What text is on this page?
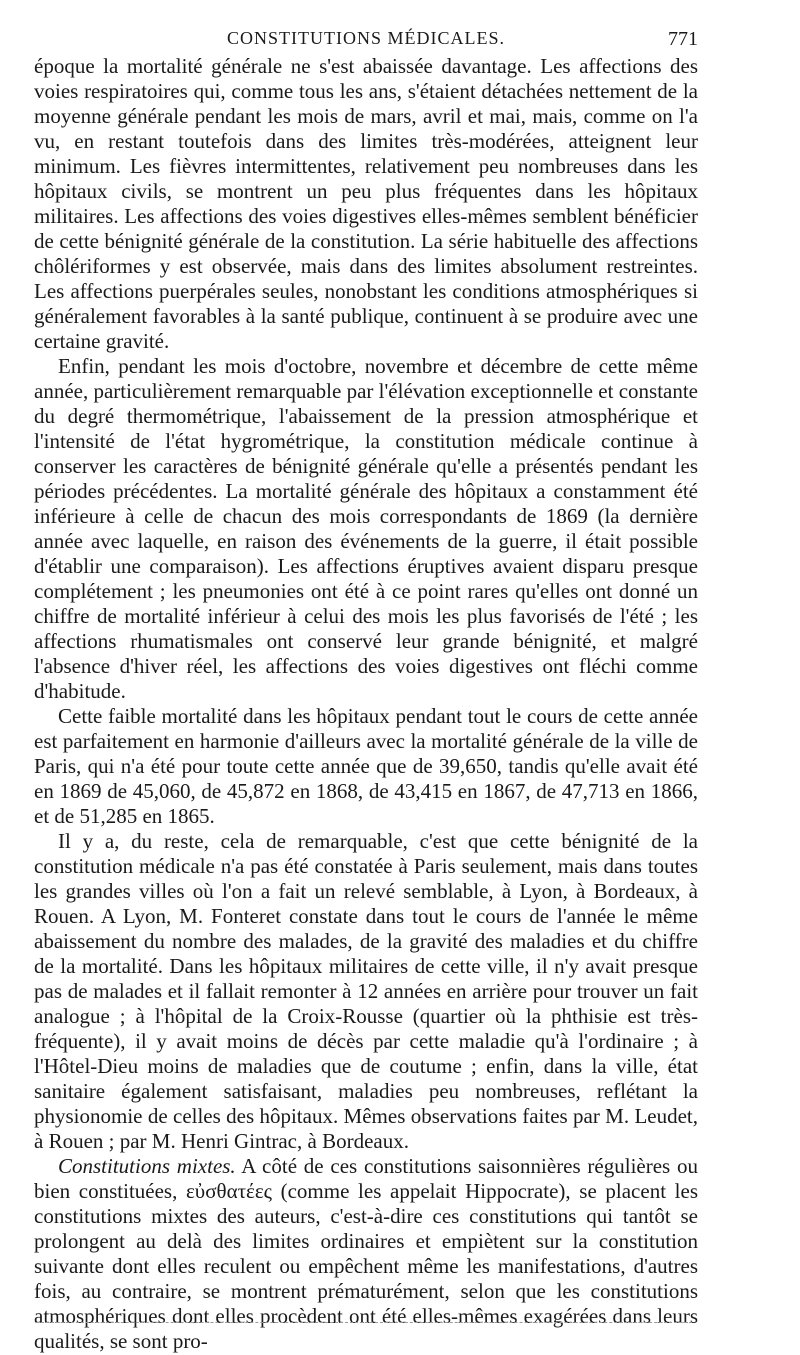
CONSTITUTIONS MÉDICALES.	771

époque la mortalité générale ne s'est abaissée davantage. Les affections des voies respiratoires qui, comme tous les ans, s'étaient détachées nettement de la moyenne générale pendant les mois de mars, avril et mai, mais, comme on l'a vu, en restant toutefois dans des limites très-modérées, atteignent leur minimum. Les fièvres intermittentes, relativement peu nombreuses dans les hôpitaux civils, se montrent un peu plus fréquentes dans les hôpitaux militaires. Les affections des voies digestives elles-mêmes semblent bénéficier de cette bénignité générale de la constitution. La série habituelle des affections chôlériformes y est observée, mais dans des limites absolument restreintes. Les affections puerpérales seules, nonobstant les conditions atmosphériques si généralement favorables à la santé publique, continuent à se produire avec une certaine gravité.

Enfin, pendant les mois d'octobre, novembre et décembre de cette même année, particulièrement remarquable par l'élévation exceptionnelle et constante du degré thermométrique, l'abaissement de la pression atmosphérique et l'intensité de l'état hygrométrique, la constitution médicale continue à conserver les caractères de bénignité générale qu'elle a présentés pendant les périodes précédentes. La mortalité générale des hôpitaux a constamment été inférieure à celle de chacun des mois correspondants de 1869 (la dernière année avec laquelle, en raison des événements de la guerre, il était possible d'établir une comparaison). Les affections éruptives avaient disparu presque complétement ; les pneumonies ont été à ce point rares qu'elles ont donné un chiffre de mortalité inférieur à celui des mois les plus favorisés de l'été ; les affections rhumatismales ont conservé leur grande bénignité, et malgré l'absence d'hiver réel, les affections des voies digestives ont fléchi comme d'habitude.

Cette faible mortalité dans les hôpitaux pendant tout le cours de cette année est parfaitement en harmonie d'ailleurs avec la mortalité générale de la ville de Paris, qui n'a été pour toute cette année que de 39,650, tandis qu'elle avait été en 1869 de 45,060, de 45,872 en 1868, de 43,415 en 1867, de 47,713 en 1866, et de 51,285 en 1865.

Il y a, du reste, cela de remarquable, c'est que cette bénignité de la constitution médicale n'a pas été constatée à Paris seulement, mais dans toutes les grandes villes où l'on a fait un relevé semblable, à Lyon, à Bordeaux, à Rouen. A Lyon, M. Fonteret constate dans tout le cours de l'année le même abaissement du nombre des malades, de la gravité des maladies et du chiffre de la mortalité. Dans les hôpitaux militaires de cette ville, il n'y avait presque pas de malades et il fallait remonter à 12 années en arrière pour trouver un fait analogue ; à l'hôpital de la Croix-Rousse (quartier où la phthisie est très-fréquente), il y avait moins de décès par cette maladie qu'à l'ordinaire ; à l'Hôtel-Dieu moins de maladies que de coutume ; enfin, dans la ville, état sanitaire également satisfaisant, maladies peu nombreuses, reflétant la physionomie de celles des hôpitaux. Mêmes observations faites par M. Leudet, à Rouen ; par M. Henri Gintrac, à Bordeaux.

Constitutions mixtes. A côté de ces constitutions saisonnières régulières ou bien constituées, εὐσθατέες (comme les appelait Hippocrate), se placent les constitutions mixtes des auteurs, c'est-à-dire ces constitutions qui tantôt se prolongent au delà des limites ordinaires et empiètent sur la constitution suivante dont elles reculent ou empêchent même les manifestations, d'autres fois, au contraire, se montrent prématurément, selon que les constitutions atmosphériques dont elles procèdent ont été elles-mêmes exagérées dans leurs qualités, se sont pro-
